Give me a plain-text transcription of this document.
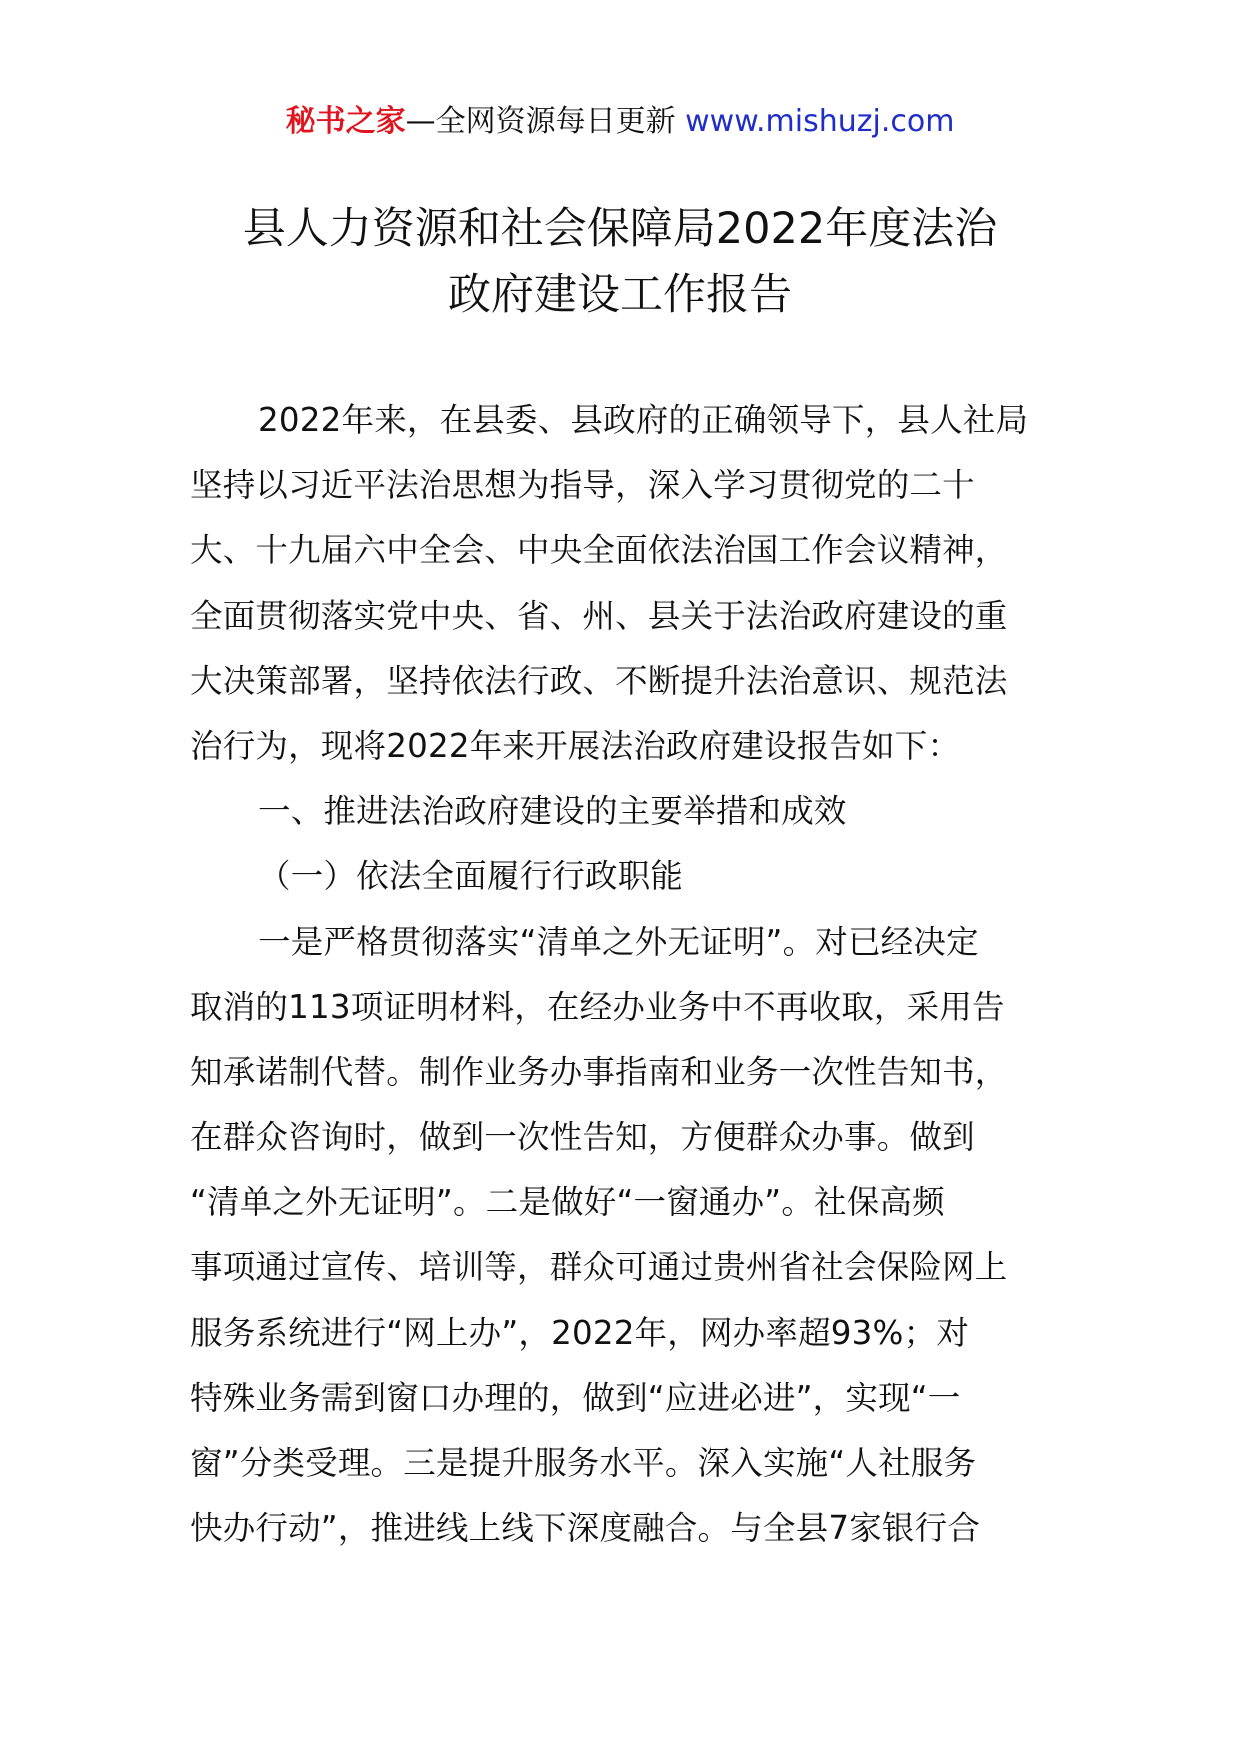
秘书之家—全网资源每日更新 www.mishuzj.com
县人力资源和社会保障局2022年度法治
政府建设工作报告
2022年来，在县委、县政府的正确领导下，县人社局
坚持以习近平法治思想为指导，深入学习贯彻党的二十
大、十九届六中全会、中央全面依法治国工作会议精神，
全面贯彻落实党中央、省、州、县关于法治政府建设的重
大决策部署，坚持依法行政、不断提升法治意识、规范法
治行为，现将2022年来开展法治政府建设报告如下：
一、推进法治政府建设的主要举措和成效
（一）依法全面履行行政职能
一是严格贯彻落实“清单之外无证明”。对已经决定
取消的113项证明材料，在经办业务中不再收取，采用告
知承诺制代替。制作业务办事指南和业务一次性告知书，
在群众咨询时，做到一次性告知，方便群众办事。做到
“清单之外无证明”。二是做好“一窗通办”。社保高频
事项通过宣传、培训等，群众可通过贵州省社会保险网上
服务系统进行“网上办”，2022年，网办率超93%；对
特殊业务需到窗口办理的，做到“应进必进”，实现“一
窗”分类受理。三是提升服务水平。深入实施“人社服务
快办行动”，推进线上线下深度融合。与全县7家银行合
